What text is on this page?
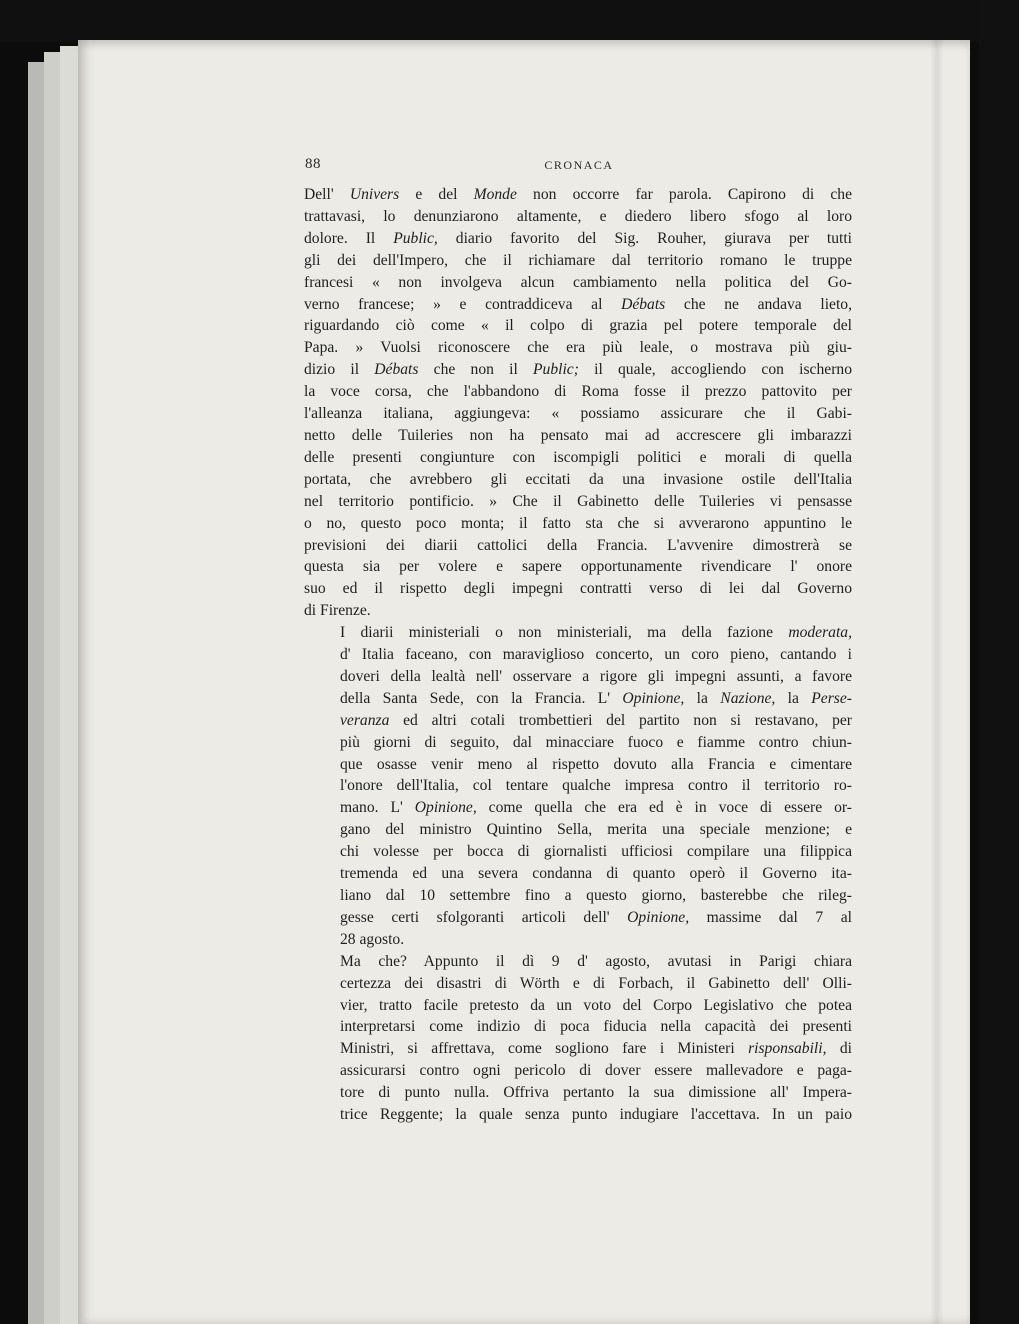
88	CRONACA
Dell' Univers e del Monde non occorre far parola. Capirono di che
trattavasi, lo denunziarono altamente, e diedero libero sfogo al loro
dolore. Il Public, diario favorito del Sig. Rouher, giurava per tutti
gli dei dell'Impero, che il richiamare dal territorio romano le truppe
francesi « non involgeva alcun cambiamento nella politica del Go-
verno francese; » e contraddiceva al Débats che ne andava lieto,
riguardando ciò come « il colpo di grazia pel potere temporale del
Papa. » Vuolsi riconoscere che era più leale, o mostrava più giu-
dizio il Débats che non il Public; il quale, accogliendo con ischerno
la voce corsa, che l'abbandono di Roma fosse il prezzo pattovito per
l'alleanza italiana, aggiungeva: « possiamo assicurare che il Gabi-
netto delle Tuileries non ha pensato mai ad accrescere gli imbarazzi
delle presenti congiunture con iscompigli politici e morali di quella
portata, che avrebbero gli eccitati da una invasione ostile dell'Italia
nel territorio pontificio. » Che il Gabinetto delle Tuileries vi pensasse
o no, questo poco monta; il fatto sta che si avverarono appuntino le
previsioni dei diarii cattolici della Francia. L'avvenire dimostrerà se
questa sia per volere e sapere opportunamente rivendicare l' onore
suo ed il rispetto degli impegni contratti verso di lei dal Governo
di Firenze.
I diarii ministeriali o non ministeriali, ma della fazione moderata,
d' Italia faceano, con maraviglioso concerto, un coro pieno, cantando i
doveri della lealtà nell' osservare a rigore gli impegni assunti, a favore
della Santa Sede, con la Francia. L' Opinione, la Nazione, la Perse-
veranza ed altri cotali trombettieri del partito non si restavano, per
più giorni di seguito, dal minacciare fuoco e fiamme contro chiun-
que osasse venir meno al rispetto dovuto alla Francia e cimentare
l'onore dell'Italia, col tentare qualche impresa contro il territorio ro-
mano. L' Opinione, come quella che era ed è in voce di essere or-
gano del ministro Quintino Sella, merita una speciale menzione; e
chi volesse per bocca di giornalisti ufficiosi compilare una filippica
tremenda ed una severa condanna di quanto operò il Governo ita-
liano dal 10 settembre fino a questo giorno, basterebbe che rileg-
gesse certi sfolgoranti articoli dell' Opinione, massime dal 7 al
28 agosto.
Ma che? Appunto il dì 9 d' agosto, avutasi in Parigi chiara
certezza dei disastri di Wörth e di Forbach, il Gabinetto dell' Olli-
vier, tratto facile pretesto da un voto del Corpo Legislativo che potea
interpretarsi come indizio di poca fiducia nella capacità dei presenti
Ministri, si affrettava, come sogliono fare i Ministeri risponsabili, di
assicurarsi contro ogni pericolo di dover essere mallevadore e paga-
tore di punto nulla. Offriva pertanto la sua dimissione all' Impera-
trice Reggente; la quale senza punto indugiare l'accettava. In un paio
